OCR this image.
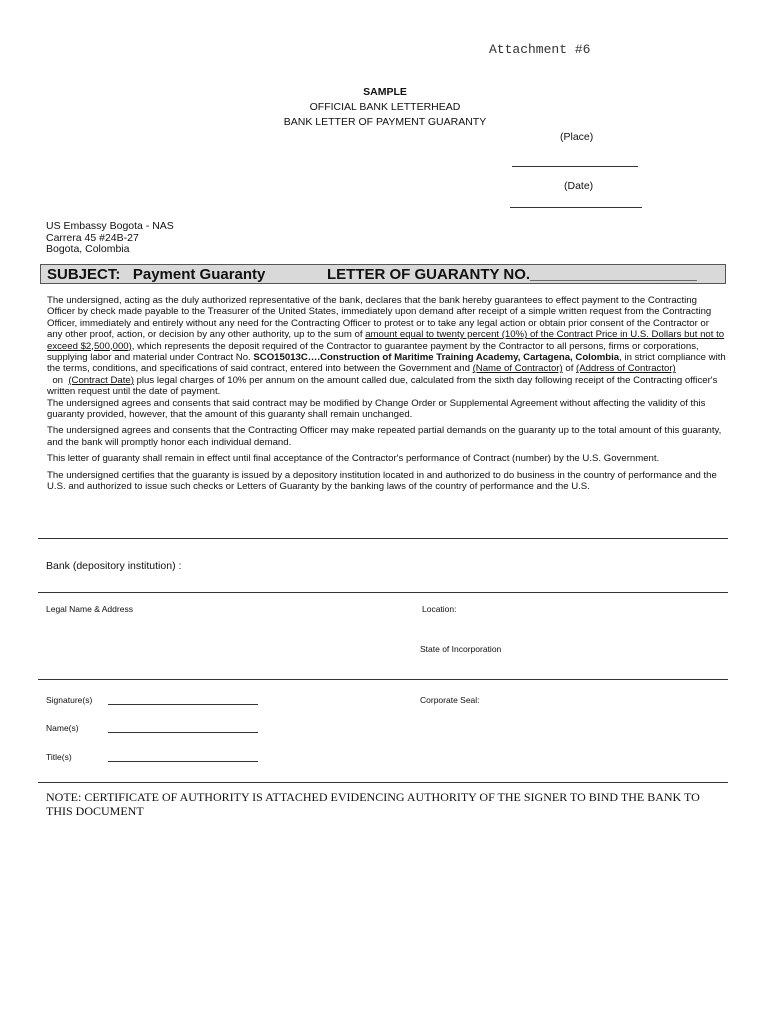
Attachment #6
SAMPLE
OFFICIAL BANK LETTERHEAD
BANK LETTER OF PAYMENT GUARANTY
(Place)
(Date)
US Embassy Bogota - NAS
Carrera 45 #24B-27
Bogota, Colombia
SUBJECT:   Payment Guaranty	LETTER OF GUARANTY NO.____________________

The undersigned, acting as the duly authorized representative of the bank, declares that the bank hereby guarantees to effect payment to the Contracting Officer by check made payable to the Treasurer of the United States, immediately upon demand after receipt of a simple written request from the Contracting Officer, immediately and entirely without any need for the Contracting Officer to protest or to take any legal action or obtain prior consent of the Contractor or any other proof, action, or decision by any other authority, up to the sum of amount equal to twenty percent (10%) of the Contract Price in U.S. Dollars but not to exceed $2,500,000), which represents the deposit required of the Contractor to guarantee payment by the Contractor to all persons, firms or corporations, supplying labor and material under Contract No. SCO15013C….Construction of Maritime Training Academy, Cartagena, Colombia, in strict compliance with the terms, conditions, and specifications of said contract, entered into between the Government and (Name of Contractor) of (Address of Contractor)  on  (Contract Date) plus legal charges of 10% per annum on the amount called due, calculated from the sixth day following receipt of the Contracting officer's written request until the date of payment.

The undersigned agrees and consents that said contract may be modified by Change Order or Supplemental Agreement without affecting the validity of this guaranty provided, however, that the amount of this guaranty shall remain unchanged.

The undersigned agrees and consents that the Contracting Officer may make repeated partial demands on the guaranty up to the total amount of this guaranty, and the bank will promptly honor each individual demand.

This letter of guaranty shall remain in effect until final acceptance of the Contractor's performance of Contract (number) by the U.S. Government.

The undersigned certifies that the guaranty is issued by a depository institution located in and authorized to do business in the country of performance and the U.S. and authorized to issue such checks or Letters of Guaranty by the banking laws of the country of performance and the U.S.

Bank (depository institution) :
Legal Name & Address	Location:
State of Incorporation
Signature(s)	Corporate Seal:
Name(s)
Title(s)
NOTE: CERTIFICATE OF AUTHORITY IS ATTACHED EVIDENCING AUTHORITY OF THE SIGNER TO BIND THE BANK TO THIS DOCUMENT
